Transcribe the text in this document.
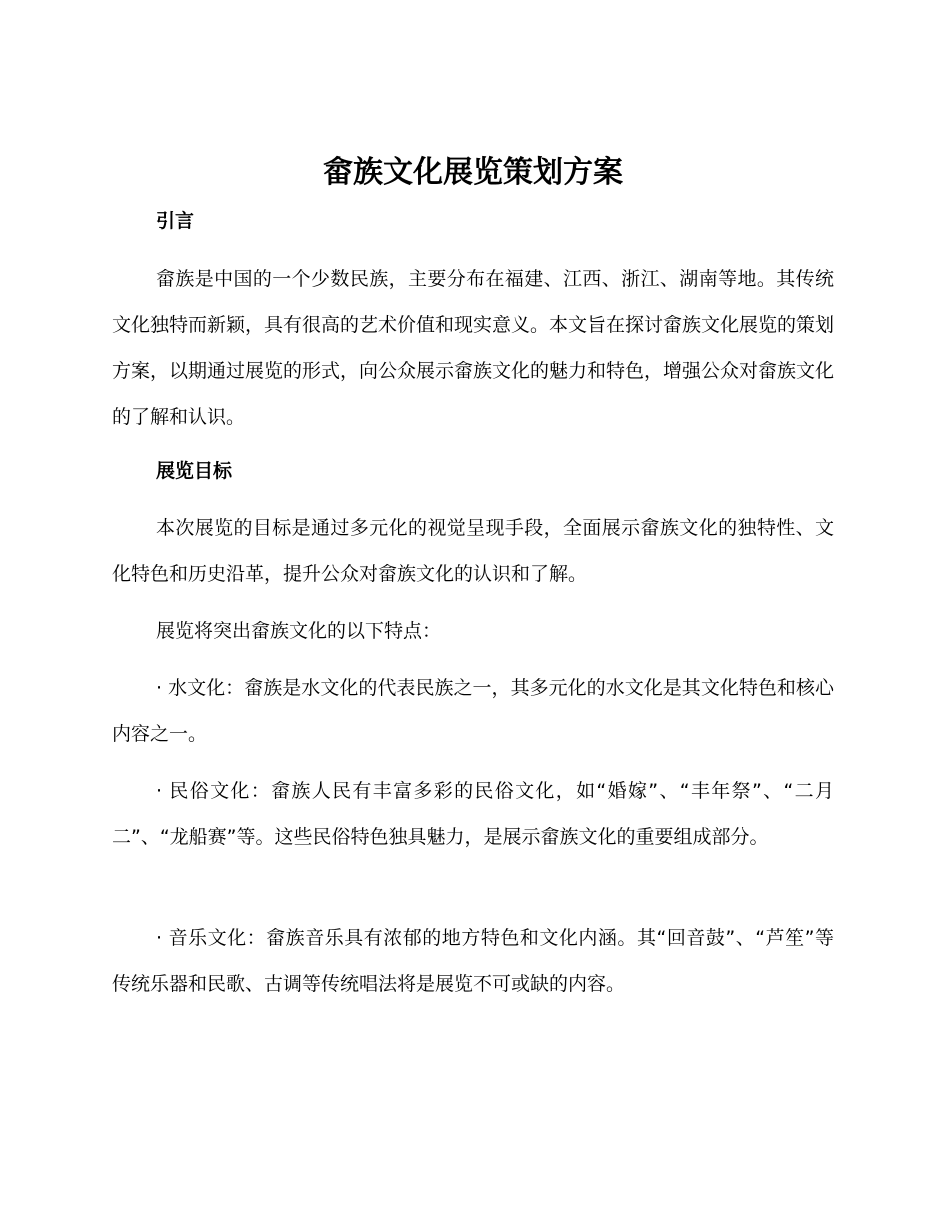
畲族文化展览策划方案
引言

畲族是中国的一个少数民族，主要分布在福建、江西、浙江、湖南等地。其传统文化独特而新颖，具有很高的艺术价值和现实意义。本文旨在探讨畲族文化展览的策划方案，以期通过展览的形式，向公众展示畲族文化的魅力和特色，增强公众对畲族文化的了解和认识。

展览目标

本次展览的目标是通过多元化的视觉呈现手段，全面展示畲族文化的独特性、文化特色和历史沿革，提升公众对畲族文化的认识和了解。

展览将突出畲族文化的以下特点：

· 水文化：畲族是水文化的代表民族之一，其多元化的水文化是其文化特色和核心内容之一。

· 民俗文化：畲族人民有丰富多彩的民俗文化，如“婚嫁”、“丰年祭”、“二月二”、“龙船赛”等。这些民俗特色独具魅力，是展示畲族文化的重要组成部分。

· 音乐文化：畲族音乐具有浓郁的地方特色和文化内涵。其“回音鼓”、“芦笙”等传统乐器和民歌、古调等传统唱法将是展览不可或缺的内容。
